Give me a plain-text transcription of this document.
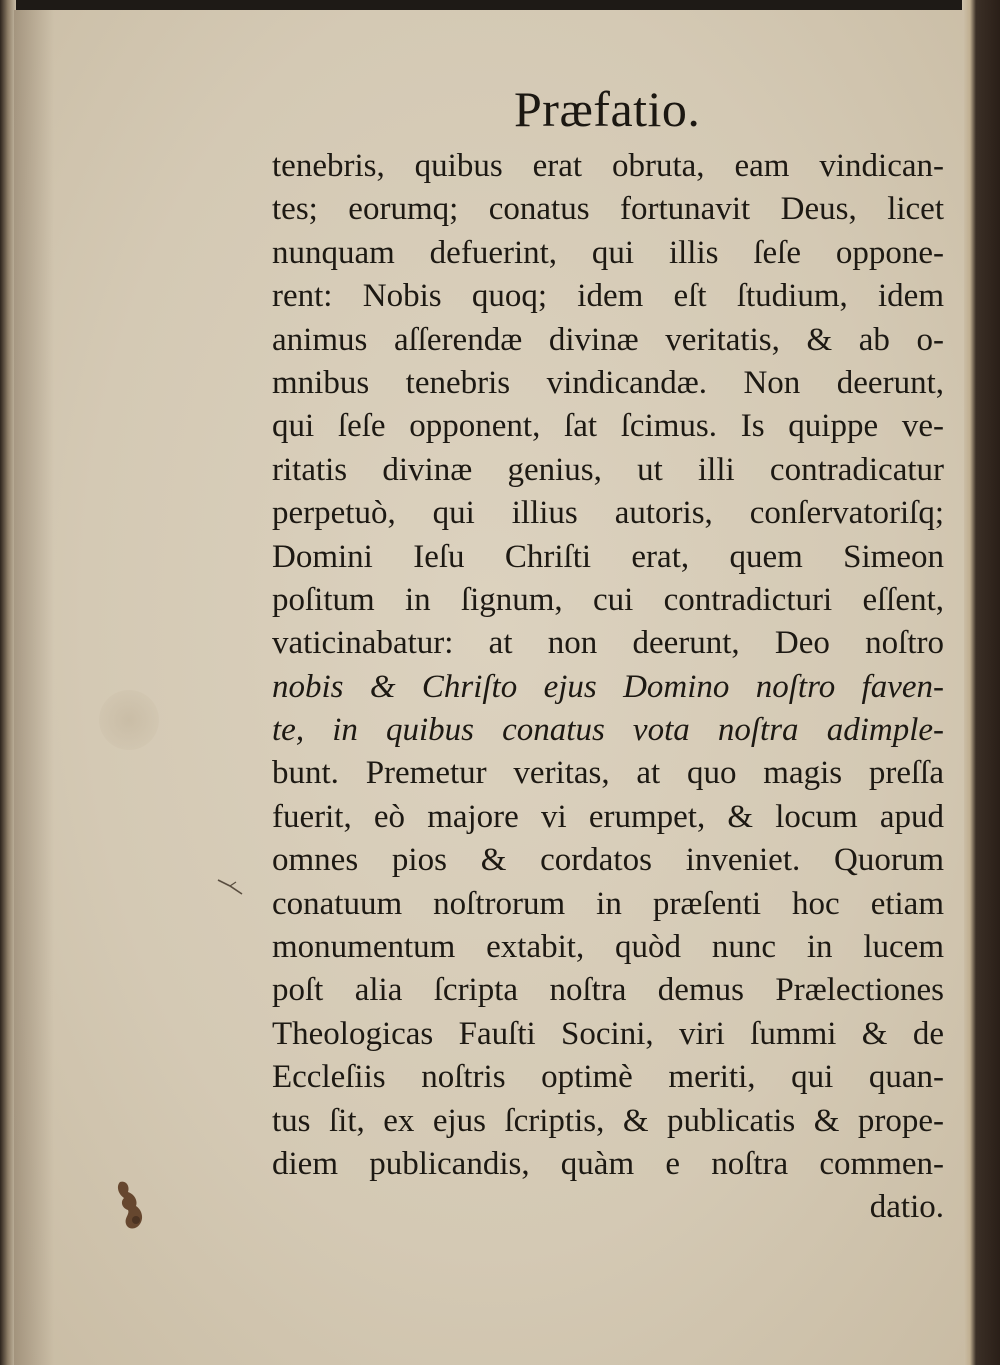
Præfatio.
tenebris, quibus erat obruta, eam vindican-
tes; eorumq; conatus fortunavit Deus, licet
nunquam defuerint, qui illis ſeſe oppone-
rent: Nobis quoq; idem eſt ſtudium, idem
animus aſſerendæ divinæ veritatis, & ab o-
mnibus tenebris vindicandæ. Non deerunt,
qui ſeſe opponent, ſat ſcimus. Is quippe ve-
ritatis divinæ genius, ut illi contradicatur
perpetuò, qui illius autoris, conſervatoriſq;
Domini Ieſu Chriſti erat, quem Simeon
poſitum in ſignum, cui contradicturi eſſent,
vaticinabatur: at non deerunt, Deo noſtro
nobis & Chriſto ejus Domino noſtro faven-
te, in quibus conatus vota noſtra adimple-
bunt. Premetur veritas, at quo magis preſſa
fuerit, eò majore vi erumpet, & locum apud
omnes pios & cordatos inveniet. Quorum
conatuum noſtrorum in præſenti hoc etiam
monumentum extabit, quòd nunc in lucem
poſt alia ſcripta noſtra demus Prælectiones
Theologicas Fauſti Socini, viri ſummi & de
Eccleſiis noſtris optimè meriti, qui quan-
tus ſit, ex ejus ſcriptis, & publicatis & prope-
diem publicandis, quàm e noſtra commen-
datio.
